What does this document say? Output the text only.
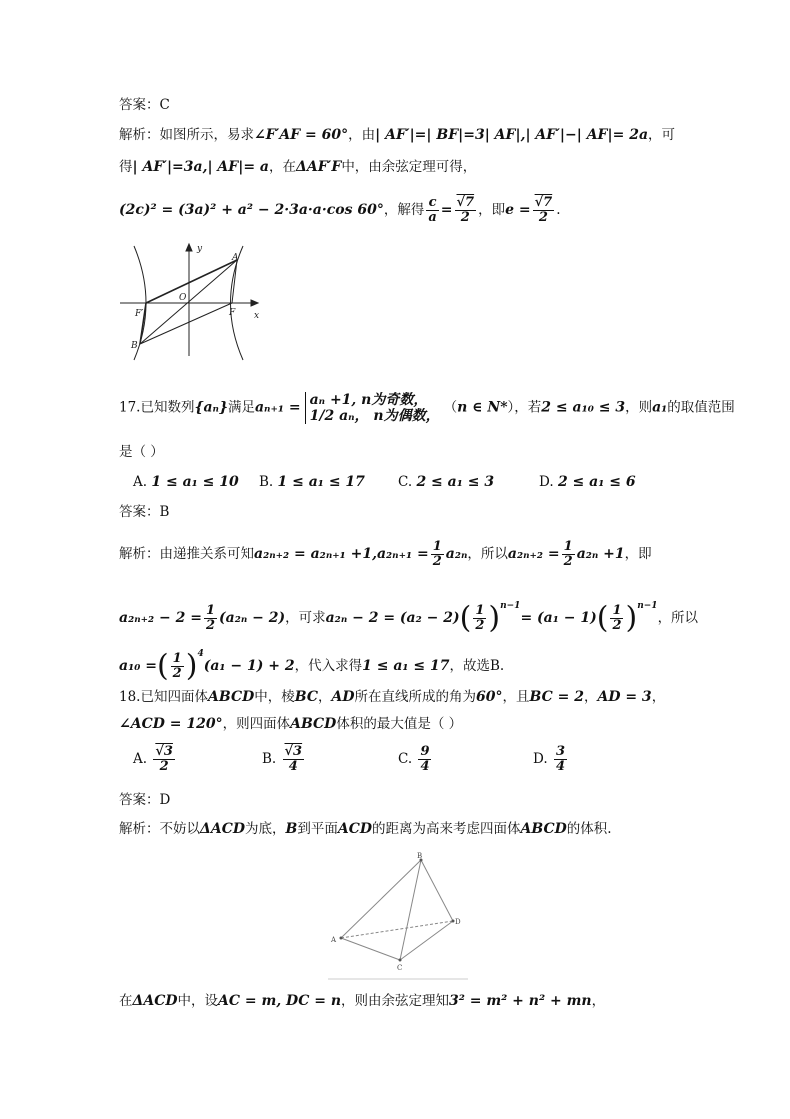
答案：C
解析：如图所示，易求∠F′AF = 60°，由| AF′|=| BF|=3| AF|,| AF′|−| AF|= 2a，可
得| AF′|=3a,| AF|= a，在ΔAF′F中，由余弦定理可得，
(2c)² = (3a)² + a² − 2·3a·a·cos 60°，解得 $\frac{c}{a} = \frac{√7}{2}$ ，即$e = \frac{√7}{2}$ .
y
x
A
O
F′	F
B
17.已知数列{aₙ}满足aₙ₊₁ = aₙ +1, n为奇数，
1/2 aₙ， n为偶数，
（n ∈ N*），若2 ≤ a₁₀ ≤ 3，则a₁的取值范围
是（ ）
A. 1 ≤ a₁ ≤ 10 B. 1 ≤ a₁ ≤ 17 C. 2 ≤ a₁ ≤ 3	D. 2 ≤ a₁ ≤ 6
答案：B
解析：由递推关系可知$a_{2n+2} = a_{2n+1} +1,a_{2n+1} = \frac{1}{2} a_{2n}$，所以$a_{2n+2} = \frac{1}{2} a_{2n} +1$，即
$a_{2n+2} - 2 = \frac{1}{2} (a_{2n} - 2)$，可求$a_{2n} - 2 = (a_2 - 2)( \frac{1}{2} )^{n-1}= (a_1 - 1)( \frac{1}{2} )^{n-1}$，所以
a₁₀ =( $\frac{1}{2} )^4(a_1 - 1) + 2$，代入求得1 ≤ a₁ ≤ 17，故选B.
18.已知四面体ABCD中，棱BC，AD所在直线所成的角为60°，且BC = 2，AD = 3，
∠ACD = 120°，则四面体ABCD体积的最大值是（ ）
A. $\frac{√3}{2}$	B. $\frac{√3}{4}$	C. $\frac{9}{4}$	D. $\frac{3}{4}$
答案：D
解析：不妨以ΔACD为底，B到平面ACD的距离为高来考虑四面体ABCD的体积.
B
A
C
D
在ΔACD中，设AC = m, DC = n，则由余弦定理知3² = m² + n² + mn，
